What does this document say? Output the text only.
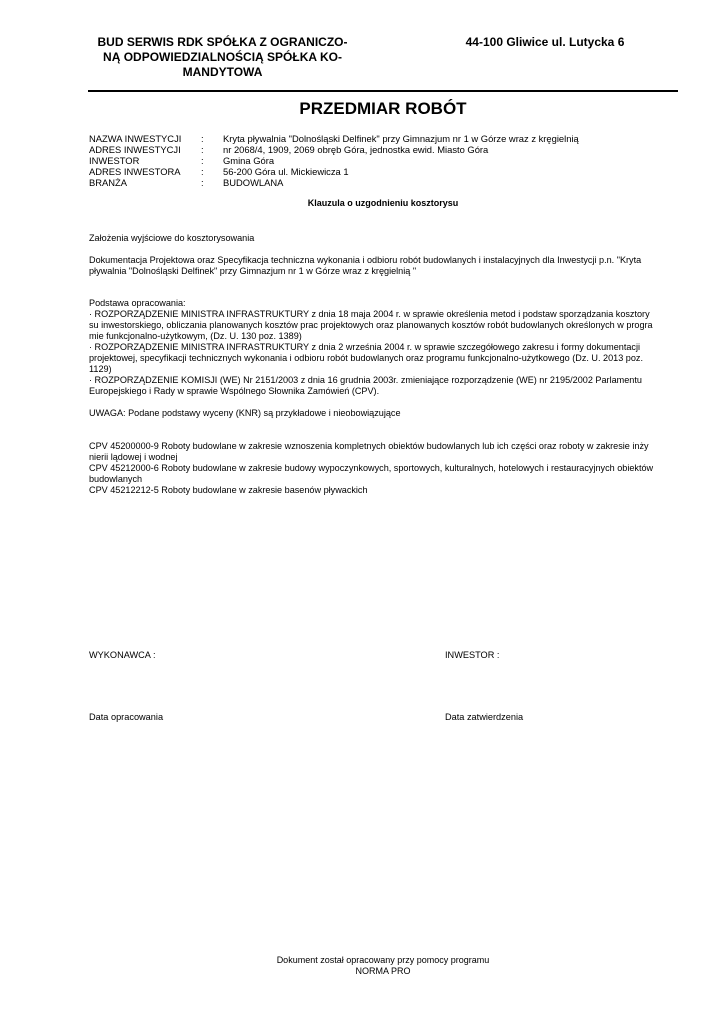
BUD SERWIS RDK SPÓŁKA Z OGRANICZO-
NĄ ODPOWIEDZIALNOŚCIĄ SPÓŁKA KO-
MANDYTOWA
44-100 Gliwice ul. Lutycka 6
PRZEDMIAR ROBÓT
NAZWA INWESTYCJI	:	Kryta pływalnia "Dolnośląski Delfinek" przy Gimnazjum nr 1 w Górze wraz z kręgielnią
ADRES INWESTYCJI	:	nr 2068/4, 1909, 2069 obręb Góra, jednostka ewid. Miasto Góra
INWESTOR	:	Gmina Góra
ADRES INWESTORA	:	56-200 Góra ul. Mickiewicza 1
BRANŻA	:	BUDOWLANA
Klauzula o uzgodnieniu kosztorysu
Założenia wyjściowe do kosztorysowania
Dokumentacja Projektowa oraz Specyfikacja techniczna wykonania i odbioru robót budowlanych i instalacyjnych dla Inwestycji p.n. "Kryta
pływalnia "Dolnośląski Delfinek" przy Gimnazjum nr 1 w Górze wraz z kręgielnią "
Podstawa opracowania:
· ROZPORZĄDZENIE MINISTRA INFRASTRUKTURY z dnia 18 maja 2004 r. w sprawie określenia metod i podstaw sporządzania kosztory
su inwestorskiego, obliczania planowanych kosztów prac projektowych oraz planowanych kosztów robót budowlanych określonych w progra
mie funkcjonalno-użytkowym, (Dz. U. 130 poz. 1389)
· ROZPORZĄDZENIE MINISTRA INFRASTRUKTURY z dnia 2 września 2004 r. w sprawie szczegółowego zakresu i formy dokumentacji
projektowej, specyfikacji technicznych wykonania i odbioru robót budowlanych oraz programu funkcjonalno-użytkowego (Dz. U. 2013 poz.
1129)
· ROZPORZĄDZENIE KOMISJI (WE) Nr 2151/2003 z dnia 16 grudnia 2003r. zmieniające rozporządzenie (WE) nr 2195/2002 Parlamentu
Europejskiego i Rady w sprawie Wspólnego Słownika Zamówień (CPV).
UWAGA: Podane podstawy wyceny (KNR) są przykładowe i nieobowiązujące
CPV 45200000-9 Roboty budowlane w zakresie wznoszenia kompletnych obiektów budowlanych lub ich części oraz roboty w zakresie inży
nierii lądowej i wodnej
CPV 45212000-6 Roboty budowlane w zakresie budowy wypoczynkowych, sportowych, kulturalnych, hotelowych i restauracyjnych obiektów
budowlanych
CPV 45212212-5 Roboty budowlane w zakresie basenów pływackich
WYKONAWCA :	INWESTOR :
Data opracowania	Data zatwierdzenia
Dokument został opracowany przy pomocy programu
NORMA PRO
